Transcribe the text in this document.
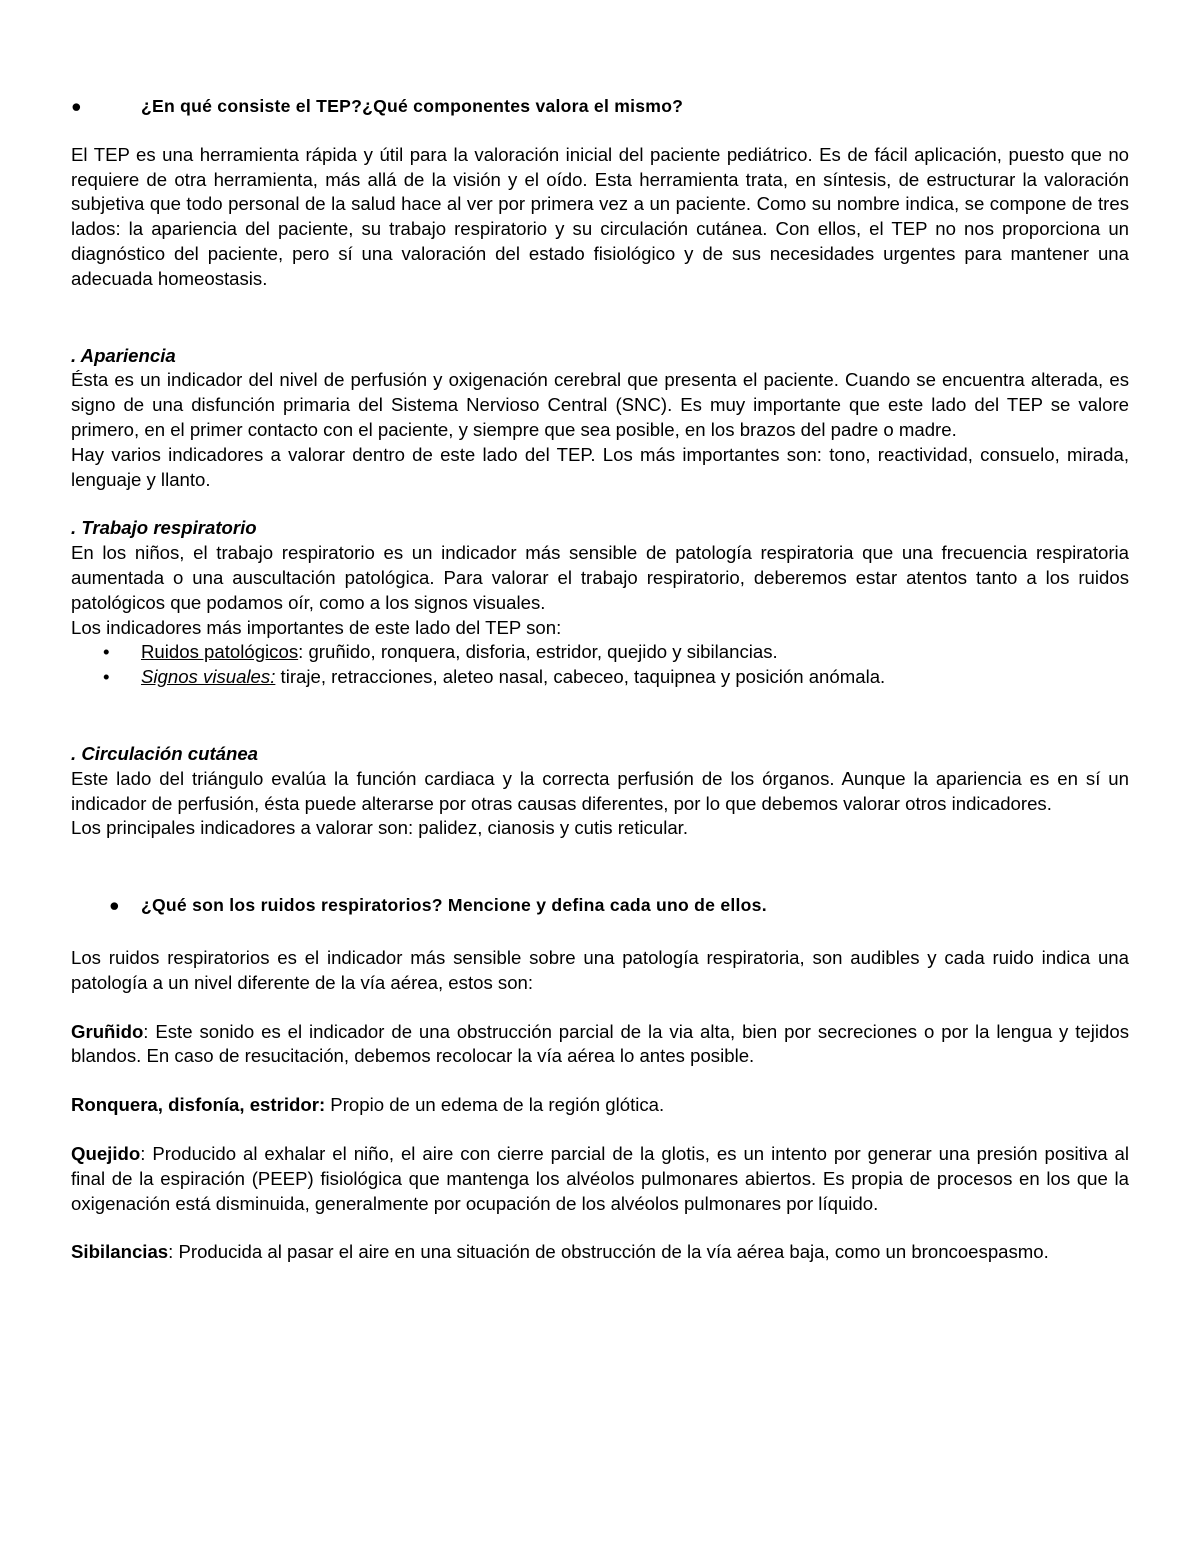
●	¿En qué consiste el TEP?¿Qué componentes valora el mismo?

El TEP es una herramienta rápida y útil para la valoración inicial del paciente pediátrico. Es de fácil aplicación, puesto que no requiere de otra herramienta, más allá de la visión y el oído. Esta herramienta trata, en síntesis, de estructurar la valoración subjetiva que todo personal de la salud hace al ver por primera vez a un paciente. Como su nombre indica, se compone de tres lados: la apariencia del paciente, su trabajo respiratorio y su circulación cutánea. Con ellos, el TEP no nos proporciona un diagnóstico del paciente, pero sí una valoración del estado fisiológico y de sus necesidades urgentes para mantener una adecuada homeostasis.

. Apariencia

Ésta es un indicador del nivel de perfusión y oxigenación cerebral que presenta el paciente. Cuando se encuentra alterada, es signo de una disfunción primaria del Sistema Nervioso Central (SNC). Es muy importante que este lado del TEP se valore primero, en el primer contacto con el paciente, y siempre que sea posible, en los brazos del padre o madre.

Hay varios indicadores a valorar dentro de este lado del TEP. Los más importantes son: tono, reactividad, consuelo, mirada, lenguaje y llanto.

. Trabajo respiratorio

En los niños, el trabajo respiratorio es un indicador más sensible de patología respiratoria que una frecuencia respiratoria aumentada o una auscultación patológica. Para valorar el trabajo respiratorio, deberemos estar atentos tanto a los ruidos patológicos que podamos oír, como a los signos visuales.

Los indicadores más importantes de este lado del TEP son:

• Ruidos patológicos: gruñido, ronquera, disforia, estridor, quejido y sibilancias.
• Signos visuales: tiraje, retracciones, aleteo nasal, cabeceo, taquipnea y posición anómala.
. Circulación cutánea

Este lado del triángulo evalúa la función cardiaca y la correcta perfusión de los órganos. Aunque la apariencia es en sí un indicador de perfusión, ésta puede alterarse por otras causas diferentes, por lo que debemos valorar otros indicadores.

Los principales indicadores a valorar son: palidez, cianosis y cutis reticular.

● ¿Qué son los ruidos respiratorios? Mencione y defina cada uno de ellos.

Los ruidos respiratorios es el indicador más sensible sobre una patología respiratoria, son audibles y cada ruido indica una patología a un nivel diferente de la vía aérea, estos son:

Gruñido: Este sonido es el indicador de una obstrucción parcial de la via alta, bien por secreciones o por la lengua y tejidos blandos. En caso de resucitación, debemos recolocar la vía aérea lo antes posible.

Ronquera, disfonía, estridor: Propio de un edema de la región glótica.

Quejido: Producido al exhalar el niño, el aire con cierre parcial de la glotis, es un intento por generar una presión positiva al final de la espiración (PEEP) fisiológica que mantenga los alvéolos pulmonares abiertos. Es propia de procesos en los que la oxigenación está disminuida, generalmente por ocupación de los alvéolos pulmonares por líquido.

Sibilancias: Producida al pasar el aire en una situación de obstrucción de la vía aérea baja, como un broncoespasmo.
